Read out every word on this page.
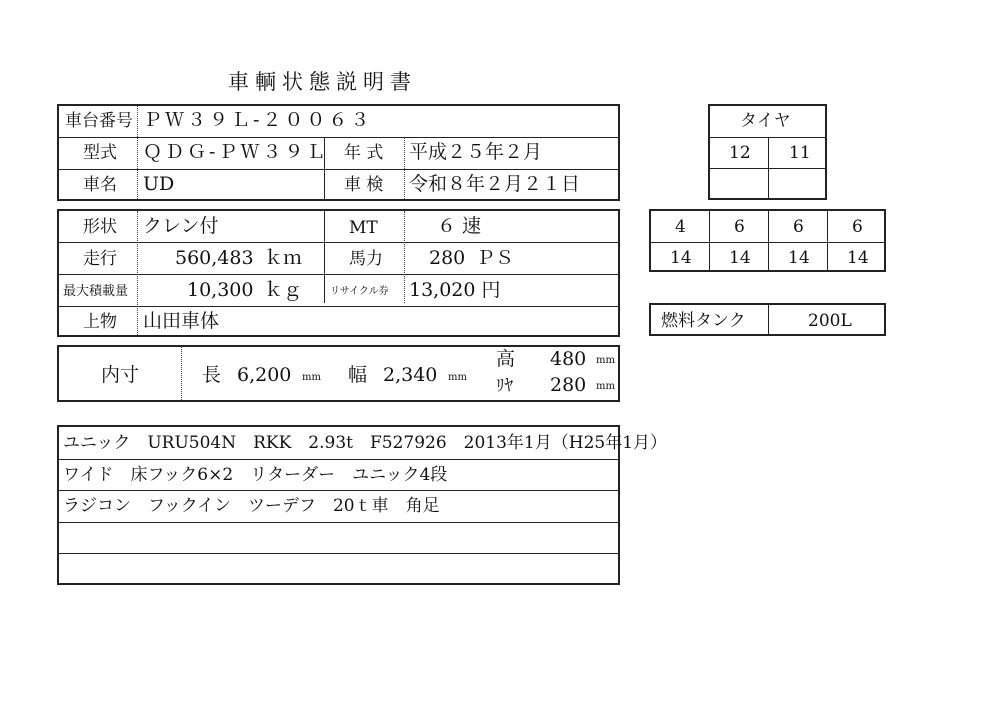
車輌状態説明書
車台番号 ＰＷ３９Ｌ-２００６３
型式 ＱＤＧ-ＰＷ３９Ｌ 年 式 平成２５年２月
車名 UD	車 検 令和８年２月２１日
形状 クレン付	MT	６ 速
走行	560,483 ｋｍ	馬力 280 ＰＳ
最大積載量	10,300 ｋｇ	リサイクル券 13,020 円
上物 山田車体
内寸	長 6,200 mm 幅 2,340 mm
高 480 mm
ﾘﾔ 280 mm
ユニック　URU504N　RKK　2.93t　F527926　2013年1月（H25年1月）
ワイド　床フック6×2　リターダー　ユニック4段
ラジコン　フックイン　ツーデフ　20ｔ車　角足
タイヤ
12 11
4	6	6	6
14 14 14 14
燃料タンク	200L
